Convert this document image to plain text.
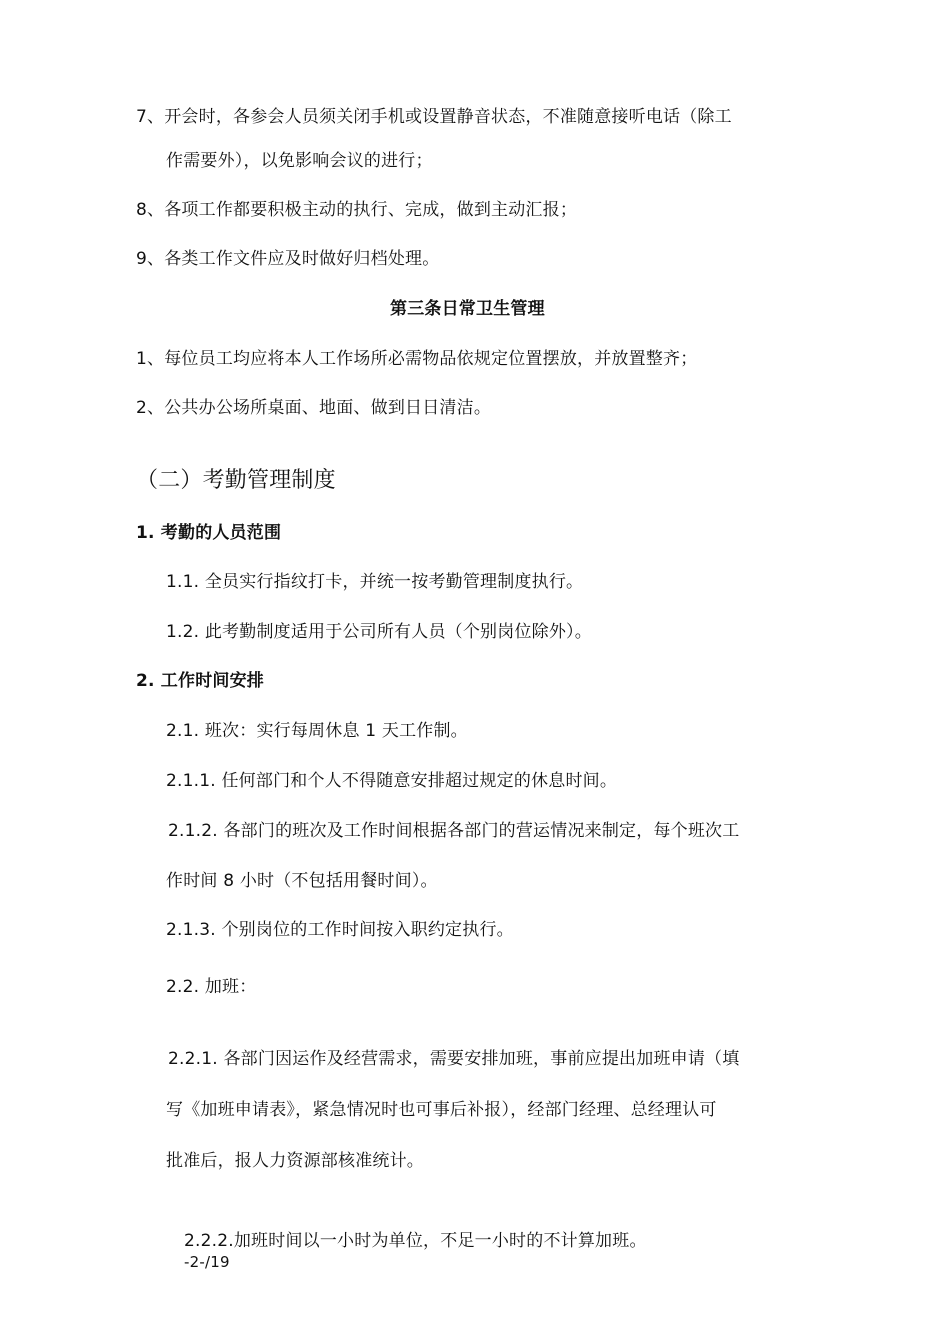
7、开会时，各参会人员须关闭手机或设置静音状态，不准随意接听电话（除工
作需要外），以免影响会议的进行；
8、各项工作都要积极主动的执行、完成，做到主动汇报；
9、各类工作文件应及时做好归档处理。
第三条日常卫生管理
1、每位员工均应将本人工作场所必需物品依规定位置摆放，并放置整齐；
2、公共办公场所桌面、地面、做到日日清洁。
（二）考勤管理制度
1. 考勤的人员范围
1.1. 全员实行指纹打卡，并统一按考勤管理制度执行。
1.2. 此考勤制度适用于公司所有人员（个别岗位除外）。
2. 工作时间安排
2.1. 班次：实行每周休息 1 天工作制。
2.1.1. 任何部门和个人不得随意安排超过规定的休息时间。
2.1.2. 各部门的班次及工作时间根据各部门的营运情况来制定，每个班次工
作时间 8 小时（不包括用餐时间）。
2.1.3. 个别岗位的工作时间按入职约定执行。
2.2. 加班：
2.2.1. 各部门因运作及经营需求，需要安排加班，事前应提出加班申请（填
写《加班申请表》，紧急情况时也可事后补报），经部门经理、总经理认可
批准后，报人力资源部核准统计。
2.2.2.加班时间以一小时为单位，不足一小时的不计算加班。
-2-/19
